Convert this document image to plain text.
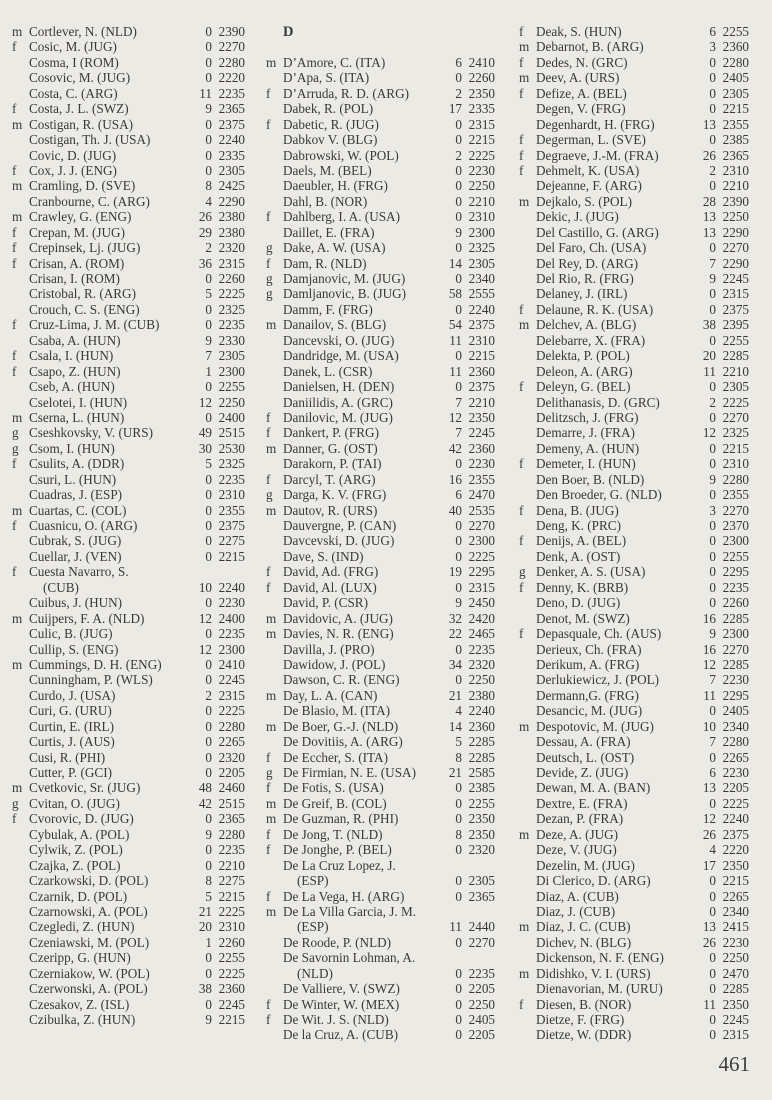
m Cortlever, N. (NLD)	0 2390
f Cosic, M. (JUG)	0 2270
Cosma, I (ROM)	0 2280
Cosovic, M. (JUG)	0 2220
Costa, C. (ARG)	11 2235
f Costa, J. L. (SWZ)	9 2365
m Costigan, R. (USA)	0 2375
Costigan, Th. J. (USA)	0 2240
Covic, D. (JUG)	0 2335
f Cox, J. J. (ENG)	0 2305
m Cramling, D. (SVE)	8 2425
Cranbourne, C. (ARG)	4 2290
m Crawley, G. (ENG)	26 2380
f Crepan, M. (JUG)	29 2380
f Crepinsek, Lj. (JUG)	2 2320
f Crisan, A. (ROM)	36 2315
Crisan, I. (ROM)	0 2260
Cristobal, R. (ARG)	5 2225
Crouch, C. S. (ENG)	0 2325
f Cruz-Lima, J. M. (CUB)	0 2235
Csaba, A. (HUN)	9 2330
f Csala, I. (HUN)	7 2305
f Csapo, Z. (HUN)	1 2300
Cseb, A. (HUN)	0 2255
Cselotei, I. (HUN)	12 2250
m Cserna, L. (HUN)	0 2400
g Cseshkovsky, V. (URS)	49 2515
g Csom, I. (HUN)	30 2530
f Csulits, A. (DDR)	5 2325
Csuri, L. (HUN)	0 2235
Cuadras, J. (ESP)	0 2310
m Cuartas, C. (COL)	0 2355
f Cuasnicu, O. (ARG)	0 2375
Cubrak, S. (JUG)	0 2275
Cuellar, J. (VEN)	0 2215
f Cuesta Navarro, S.
(CUB)	10 2240
Cuibus, J. (HUN)	0 2230
m Cuijpers, F. A. (NLD)	12 2400
Culic, B. (JUG)	0 2235
Cullip, S. (ENG)	12 2300
m Cummings, D. H. (ENG)	0 2410
Cunningham, P. (WLS)	0 2245
Curdo, J. (USA)	2 2315
Curi, G. (URU)	0 2225
Curtin, E. (IRL)	0 2280
Curtis, J. (AUS)	0 2265
Cusi, R. (PHI)	0 2320
Cutter, P. (GCI)	0 2205
m Cvetkovic, Sr. (JUG)	48 2460
g Cvitan, O. (JUG)	42 2515
f Cvorovic, D. (JUG)	0 2365
Cybulak, A. (POL)	9 2280
Cylwik, Z. (POL)	0 2235
Czajka, Z. (POL)	0 2210
Czarkowski, D. (POL)	8 2275
Czarnik, D. (POL)	5 2215
Czarnowski, A. (POL)	21 2225
Czegledi, Z. (HUN)	20 2310
Czeniawski, M. (POL)	1 2260
Czeripp, G. (HUN)	0 2255
Czerniakow, W. (POL)	0 2225
Czerwonski, A. (POL)	38 2360
Czesakov, Z. (ISL)	0 2245
Czibulka, Z. (HUN)	9 2215
D
m D’Amore, C. (ITA)	6 2410
D’Apa, S. (ITA)	0 2260
f D’Arruda, R. D. (ARG)	2 2350
Dabek, R. (POL)	17 2335
f Dabetic, R. (JUG)	0 2315
Dabkov V. (BLG)	0 2215
Dabrowski, W. (POL)	2 2225
Daels, M. (BEL)	0 2230
Daeubler, H. (FRG)	0 2250
Dahl, B. (NOR)	0 2210
f Dahlberg, I. A. (USA)	0 2310
Daillet, E. (FRA)	9 2300
g Dake, A. W. (USA)	0 2325
f Dam, R. (NLD)	14 2305
g Damjanovic, M. (JUG)	0 2340
g Damljanovic, B. (JUG)	58 2555
Damm, F. (FRG)	0 2240
m Danailov, S. (BLG)	54 2375
Dancevski, O. (JUG)	11 2310
Dandridge, M. (USA)	0 2215
Danek, L. (CSR)	11 2360
Danielsen, H. (DEN)	0 2375
Daniilidis, A. (GRC)	7 2210
f Danilovic, M. (JUG)	12 2350
f Dankert, P. (FRG)	7 2245
m Danner, G. (OST)	42 2360
Darakorn, P. (TAI)	0 2230
f Darcyl, T. (ARG)	16 2355
g Darga, K. V. (FRG)	6 2470
m Dautov, R. (URS)	40 2535
Dauvergne, P. (CAN)	0 2270
Davcevski, D. (JUG)	0 2300
Dave, S. (IND)	0 2225
f David, Ad. (FRG)	19 2295
f David, Al. (LUX)	0 2315
David, P. (CSR)	9 2450
m Davidovic, A. (JUG)	32 2420
m Davies, N. R. (ENG)	22 2465
Davilla, J. (PRO)	0 2235
Dawidow, J. (POL)	34 2320
Dawson, C. R. (ENG)	0 2250
m Day, L. A. (CAN)	21 2380
De Blasio, M. (ITA)	4 2240
m De Boer, G.-J. (NLD)	14 2360
De Dovitiis, A. (ARG)	5 2285
f De Eccher, S. (ITA)	8 2285
g De Firmian, N. E. (USA)	21 2585
f De Fotis, S. (USA)	0 2385
m De Greif, B. (COL)	0 2255
m De Guzman, R. (PHI)	0 2350
f De Jong, T. (NLD)	8 2350
f De Jonghe, P. (BEL)	0 2320
De La Cruz Lopez, J.
(ESP)	0 2305
f De La Vega, H. (ARG)	0 2365
m De La Villa Garcia, J. M.
(ESP)	11 2440
De Roode, P. (NLD)	0 2270
De Savornin Lohman, A.
(NLD)	0 2235
De Valliere, V. (SWZ)	0 2205
f De Winter, W. (MEX)	0 2250
f De Wit. J. S. (NLD)	0 2405
De la Cruz, A. (CUB)	0 2205
f Deak, S. (HUN)	6 2255
m Debarnot, B. (ARG)	3 2360
f Dedes, N. (GRC)	0 2280
m Deev, A. (URS)	0 2405
f Defize, A. (BEL)	0 2305
Degen, V. (FRG)	0 2215
Degenhardt, H. (FRG)	13 2355
f Degerman, L. (SVE)	0 2385
f Degraeve, J.-M. (FRA)	26 2365
f Dehmelt, K. (USA)	2 2310
Dejeanne, F. (ARG)	0 2210
m Dejkalo, S. (POL)	28 2390
Dekic, J. (JUG)	13 2250
Del Castillo, G. (ARG)	13 2290
Del Faro, Ch. (USA)	0 2270
Del Rey, D. (ARG)	7 2290
Del Rio, R. (FRG)	9 2245
Delaney, J. (IRL)	0 2315
f Delaune, R. K. (USA)	0 2375
m Delchev, A. (BLG)	38 2395
Delebarre, X. (FRA)	0 2255
Delekta, P. (POL)	20 2285
Deleon, A. (ARG)	11 2210
f Deleyn, G. (BEL)	0 2305
Delithanasis, D. (GRC)	2 2225
Delitzsch, J. (FRG)	0 2270
Demarre, J. (FRA)	12 2325
Demeny, A. (HUN)	0 2215
f Demeter, I. (HUN)	0 2310
Den Boer, B. (NLD)	9 2280
Den Broeder, G. (NLD)	0 2355
f Dena, B. (JUG)	3 2270
Deng, K. (PRC)	0 2370
f Denijs, A. (BEL)	0 2300
Denk, A. (OST)	0 2255
g Denker, A. S. (USA)	0 2295
f Denny, K. (BRB)	0 2235
Deno, D. (JUG)	0 2260
Denot, M. (SWZ)	16 2285
f Depasquale, Ch. (AUS)	9 2300
Derieux, Ch. (FRA)	16 2270
Derikum, A. (FRG)	12 2285
Derlukiewicz, J. (POL)	7 2230
Dermann,G. (FRG)	11 2295
Desancic, M. (JUG)	0 2405
m Despotovic, M. (JUG)	10 2340
Dessau, A. (FRA)	7 2280
Deutsch, L. (OST)	0 2265
Devide, Z. (JUG)	6 2230
Dewan, M. A. (BAN)	13 2205
Dextre, E. (FRA)	0 2225
Dezan, P. (FRA)	12 2240
m Deze, A. (JUG)	26 2375
Deze, V. (JUG)	4 2220
Dezelin, M. (JUG)	17 2350
Di Clerico, D. (ARG)	0 2215
Diaz, A. (CUB)	0 2265
Diaz, J. (CUB)	0 2340
m Diaz, J. C. (CUB)	13 2415
Dichev, N. (BLG)	26 2230
Dickenson, N. F. (ENG)	0 2250
m Didishko, V. I. (URS)	0 2470
Dienavorian, M. (URU)	0 2285
f Diesen, B. (NOR)	11 2350
Dietze, F. (FRG)	0 2245
Dietze, W. (DDR)	0 2315
461
